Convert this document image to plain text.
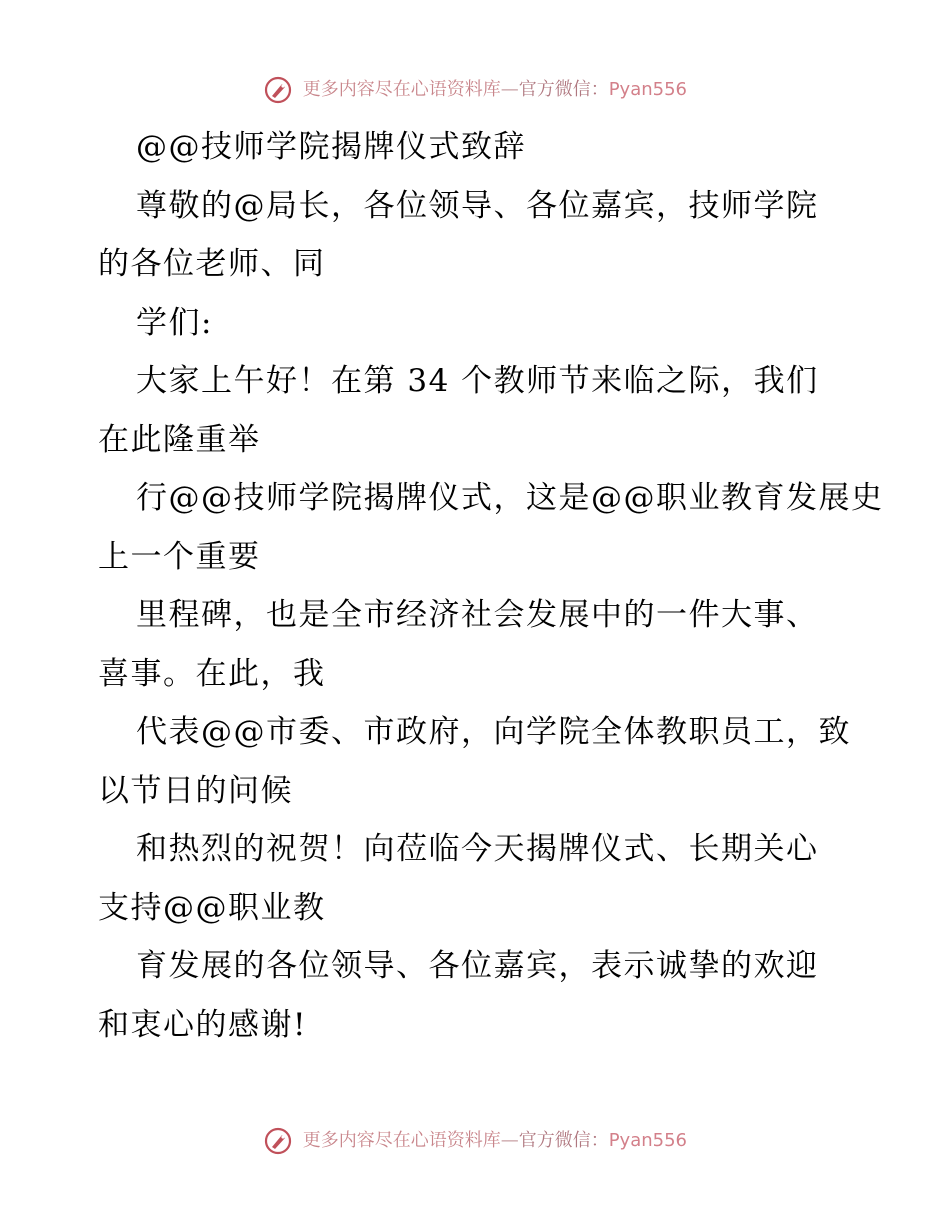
更多内容尽在心语资料库—官方微信：Pyan556
@@技师学院揭牌仪式致辞
尊敬的@局长，各位领导、各位嘉宾，技师学院
的各位老师、同
学们:
大家上午好！在第 34 个教师节来临之际，我们
在此隆重举
行@@技师学院揭牌仪式，这是@@职业教育发展史
上一个重要
里程碑，也是全市经济社会发展中的一件大事、
喜事。在此，我
代表@@市委、市政府，向学院全体教职员工，致
以节日的问候
和热烈的祝贺！向莅临今天揭牌仪式、长期关心
支持@@职业教
育发展的各位领导、各位嘉宾，表示诚挚的欢迎
和衷心的感谢!
更多内容尽在心语资料库—官方微信：Pyan556
